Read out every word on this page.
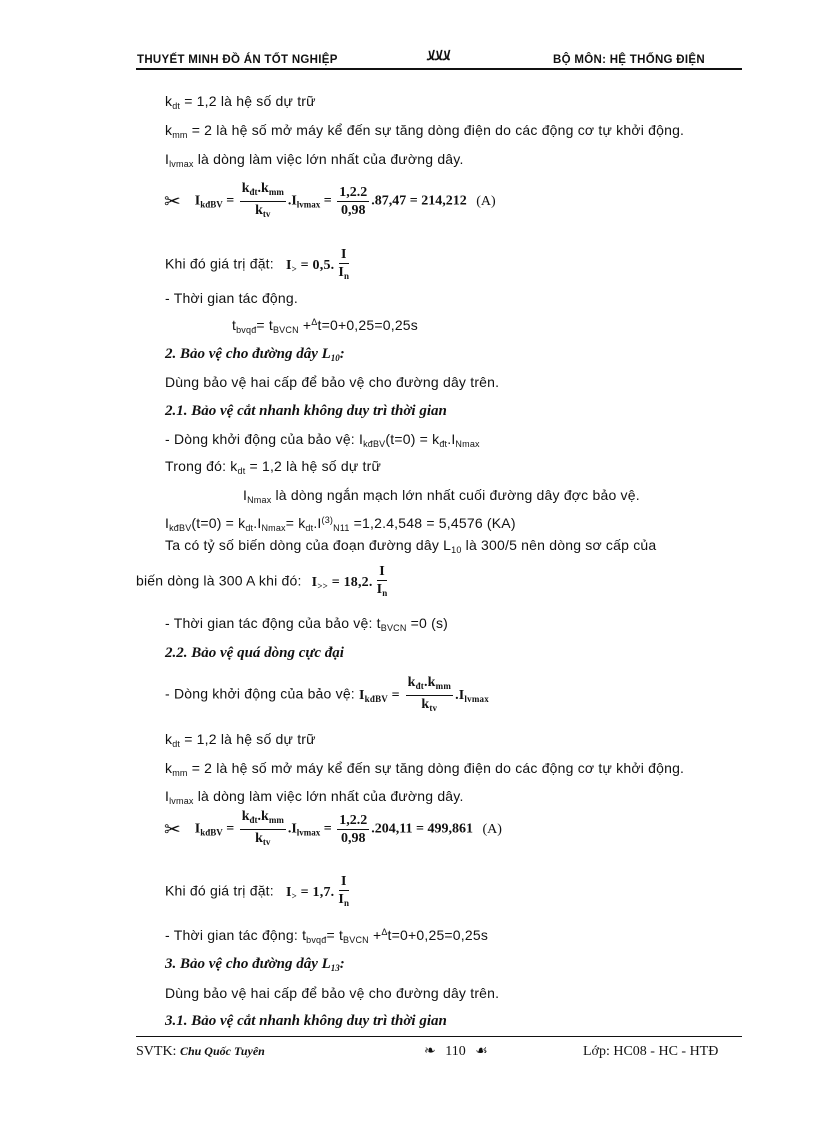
THUYẾT MINH ĐỒ ÁN TỐT NGHIỆP	ﻼﻼﻼ	BỘ MÔN: HỆ THỐNG ĐIỆN
$k_{dt} = 1,2$ là hệ số dự trữ
$k_{mm} = 2$ là hệ số mở máy kể đến sự tăng dòng điện do các động cơ tự khởi động.
$I_{lvmax}$ là dòng làm việc lớn nhất của đường dây.
✂ $I_{kđBV} = \frac{k_{đt}.k_{mm}}{k_{tv}} .I_{lvmax} = \frac{1,2.2}{0,98} .87,47 = 214,212$ (A)
Khi đó giá trị đặt: $I_> = 0,5$. $\frac{I}{I_n}$
- Thời gian tác động.
$t_{bvqđ}= t_{BVCN} +^\Delta t=0+0,25=0,25s$
2. Bảo vệ cho đường dây $L_{10}$:
Dùng bảo vệ hai cấp để bảo vệ cho đường dây trên.
2.1. Bảo vệ cắt nhanh không duy trì thời gian
- Dòng khởi động của bảo vệ: $I_{kđBV}(t=0) = k_{đt}.I_{Nmax}$
Trong đó: $k_{dt} = 1,2$ là hệ số dự trữ
$I_{Nmax}$ là dòng ngắn mạch lớn nhất cuối đường dây đợc bảo vệ.
$I_{kđBV}(t=0) = k_{dt}.I_{Nmax}= k_{dt}.I^{(3)}_{N11} =1,2.4,548 = 5,4576$ (KA)
Ta có tỷ số biến dòng của đoạn đường dây $L_{10}$ là 300/5 nên dòng sơ cấp của
biến dòng là 300 A khi đó: $I_{>>} = 18,2$. $\frac{I}{I_n}$
- Thời gian tác động của bảo vệ: $t_{BVCN} =0$ (s)
2.2. Bảo vệ quá dòng cực đại
- Dòng khởi động của bảo vệ: $I_{kđBV} = \frac{k_{đt}.k_{mm}}{k_{tv}} .I_{lvmax}$
$k_{dt} = 1,2$ là hệ số dự trữ
$k_{mm} = 2$ là hệ số mở máy kể đến sự tăng dòng điện do các động cơ tự khởi động.
$I_{lvmax}$ là dòng làm việc lớn nhất của đường dây.
✂ $I_{kđBV} = \frac{k_{đt}.k_{mm}}{k_{tv}} .I_{lvmax} = \frac{1,2.2}{0,98} .204,11 = 499,861$ (A)
Khi đó giá trị đặt: $I_> = 1,7$. $\frac{I}{I_n}$
- Thời gian tác động: $t_{bvqđ}= t_{BVCN} +^\Delta t=0+0,25=0,25s$
3. Bảo vệ cho đường dây $L_{13}$:
Dùng bảo vệ hai cấp để bảo vệ cho đường dây trên.
3.1. Bảo vệ cắt nhanh không duy trì thời gian
SVTK: Chu Quốc Tuyên	❧ 110 ☙	Lớp: HC08 - HC - HTĐ
